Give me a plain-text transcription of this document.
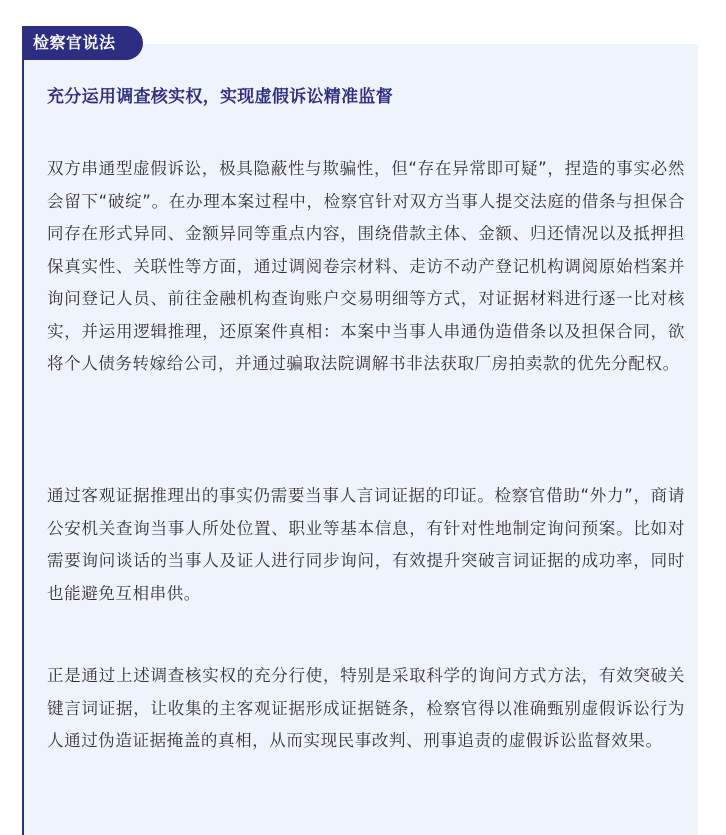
检察官说法
充分运用调查核实权，实现虚假诉讼精准监督

双方串通型虚假诉讼，极具隐蔽性与欺骗性，但“存在异常即可疑”，捏造的事实必然会留下“破绽”。在办理本案过程中，检察官针对双方当事人提交法庭的借条与担保合同存在形式异同、金额异同等重点内容，围绕借款主体、金额、归还情况以及抵押担保真实性、关联性等方面，通过调阅卷宗材料、走访不动产登记机构调阅原始档案并询问登记人员、前往金融机构查询账户交易明细等方式，对证据材料进行逐一比对核实，并运用逻辑推理，还原案件真相：本案中当事人串通伪造借条以及担保合同，欲将个人债务转嫁给公司，并通过骗取法院调解书非法获取厂房拍卖款的优先分配权。

通过客观证据推理出的事实仍需要当事人言词证据的印证。检察官借助“外力”，商请公安机关查询当事人所处位置、职业等基本信息，有针对性地制定询问预案。比如对需要询问谈话的当事人及证人进行同步询问，有效提升突破言词证据的成功率，同时也能避免互相串供。

正是通过上述调查核实权的充分行使，特别是采取科学的询问方式方法，有效突破关键言词证据，让收集的主客观证据形成证据链条，检察官得以准确甄别虚假诉讼行为人通过伪造证据掩盖的真相，从而实现民事改判、刑事追责的虚假诉讼监督效果。
